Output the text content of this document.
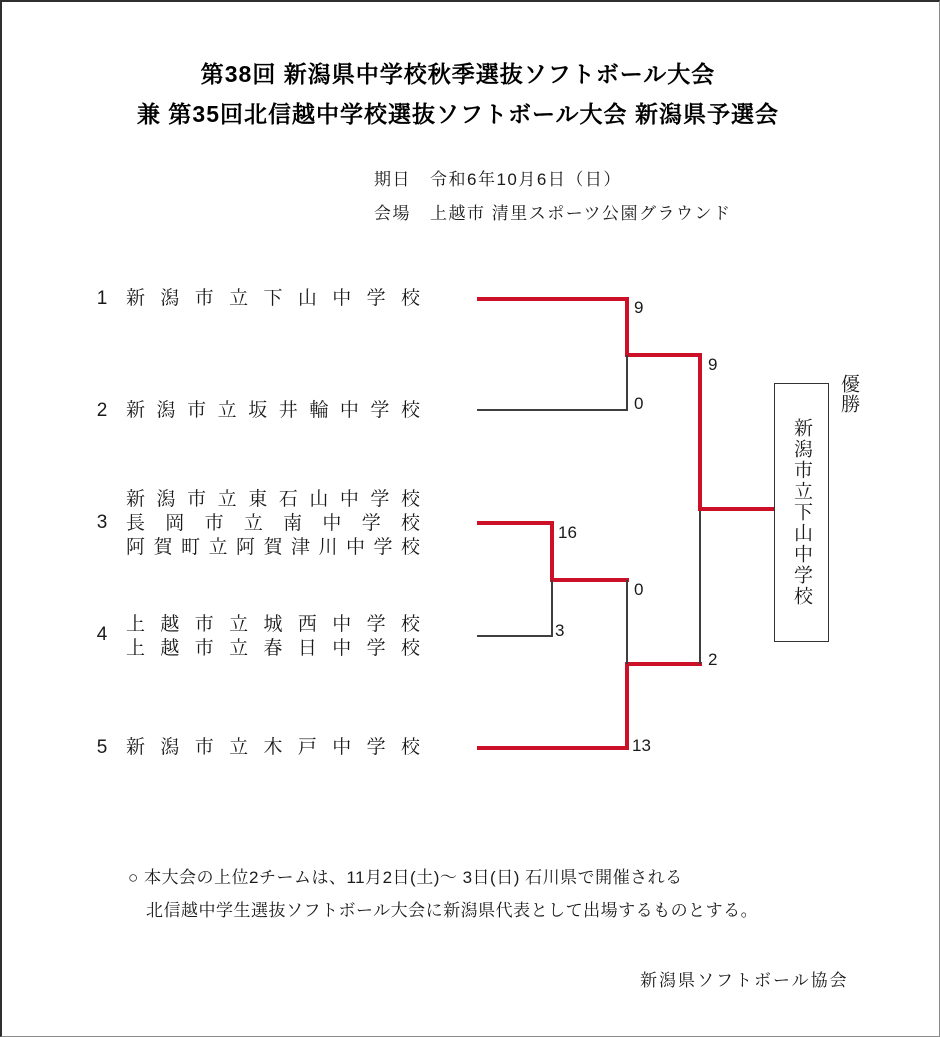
第38回 新潟県中学校秋季選抜ソフトボール大会
兼 第35回北信越中学校選抜ソフトボール大会 新潟県予選会
期日 令和6年10月6日（日）
会場 上越市 清里スポーツ公園グラウンド
1
2
3
4
5
新潟市立下山中学校
新潟市立坂井輪中学校
新潟市立東石山中学校
長岡市立南中学校
阿賀町立阿賀津川中学校
上越市立城西中学校
上越市立春日中学校
新潟市立木戸中学校
9
0
16
3
0
13
9
2
優勝
新潟市立下山中学校
○ 本大会の上位2チームは、11月2日(土)～ 3日(日) 石川県で開催される
北信越中学生選抜ソフトボール大会に新潟県代表として出場するものとする。
新潟県ソフトボール協会
